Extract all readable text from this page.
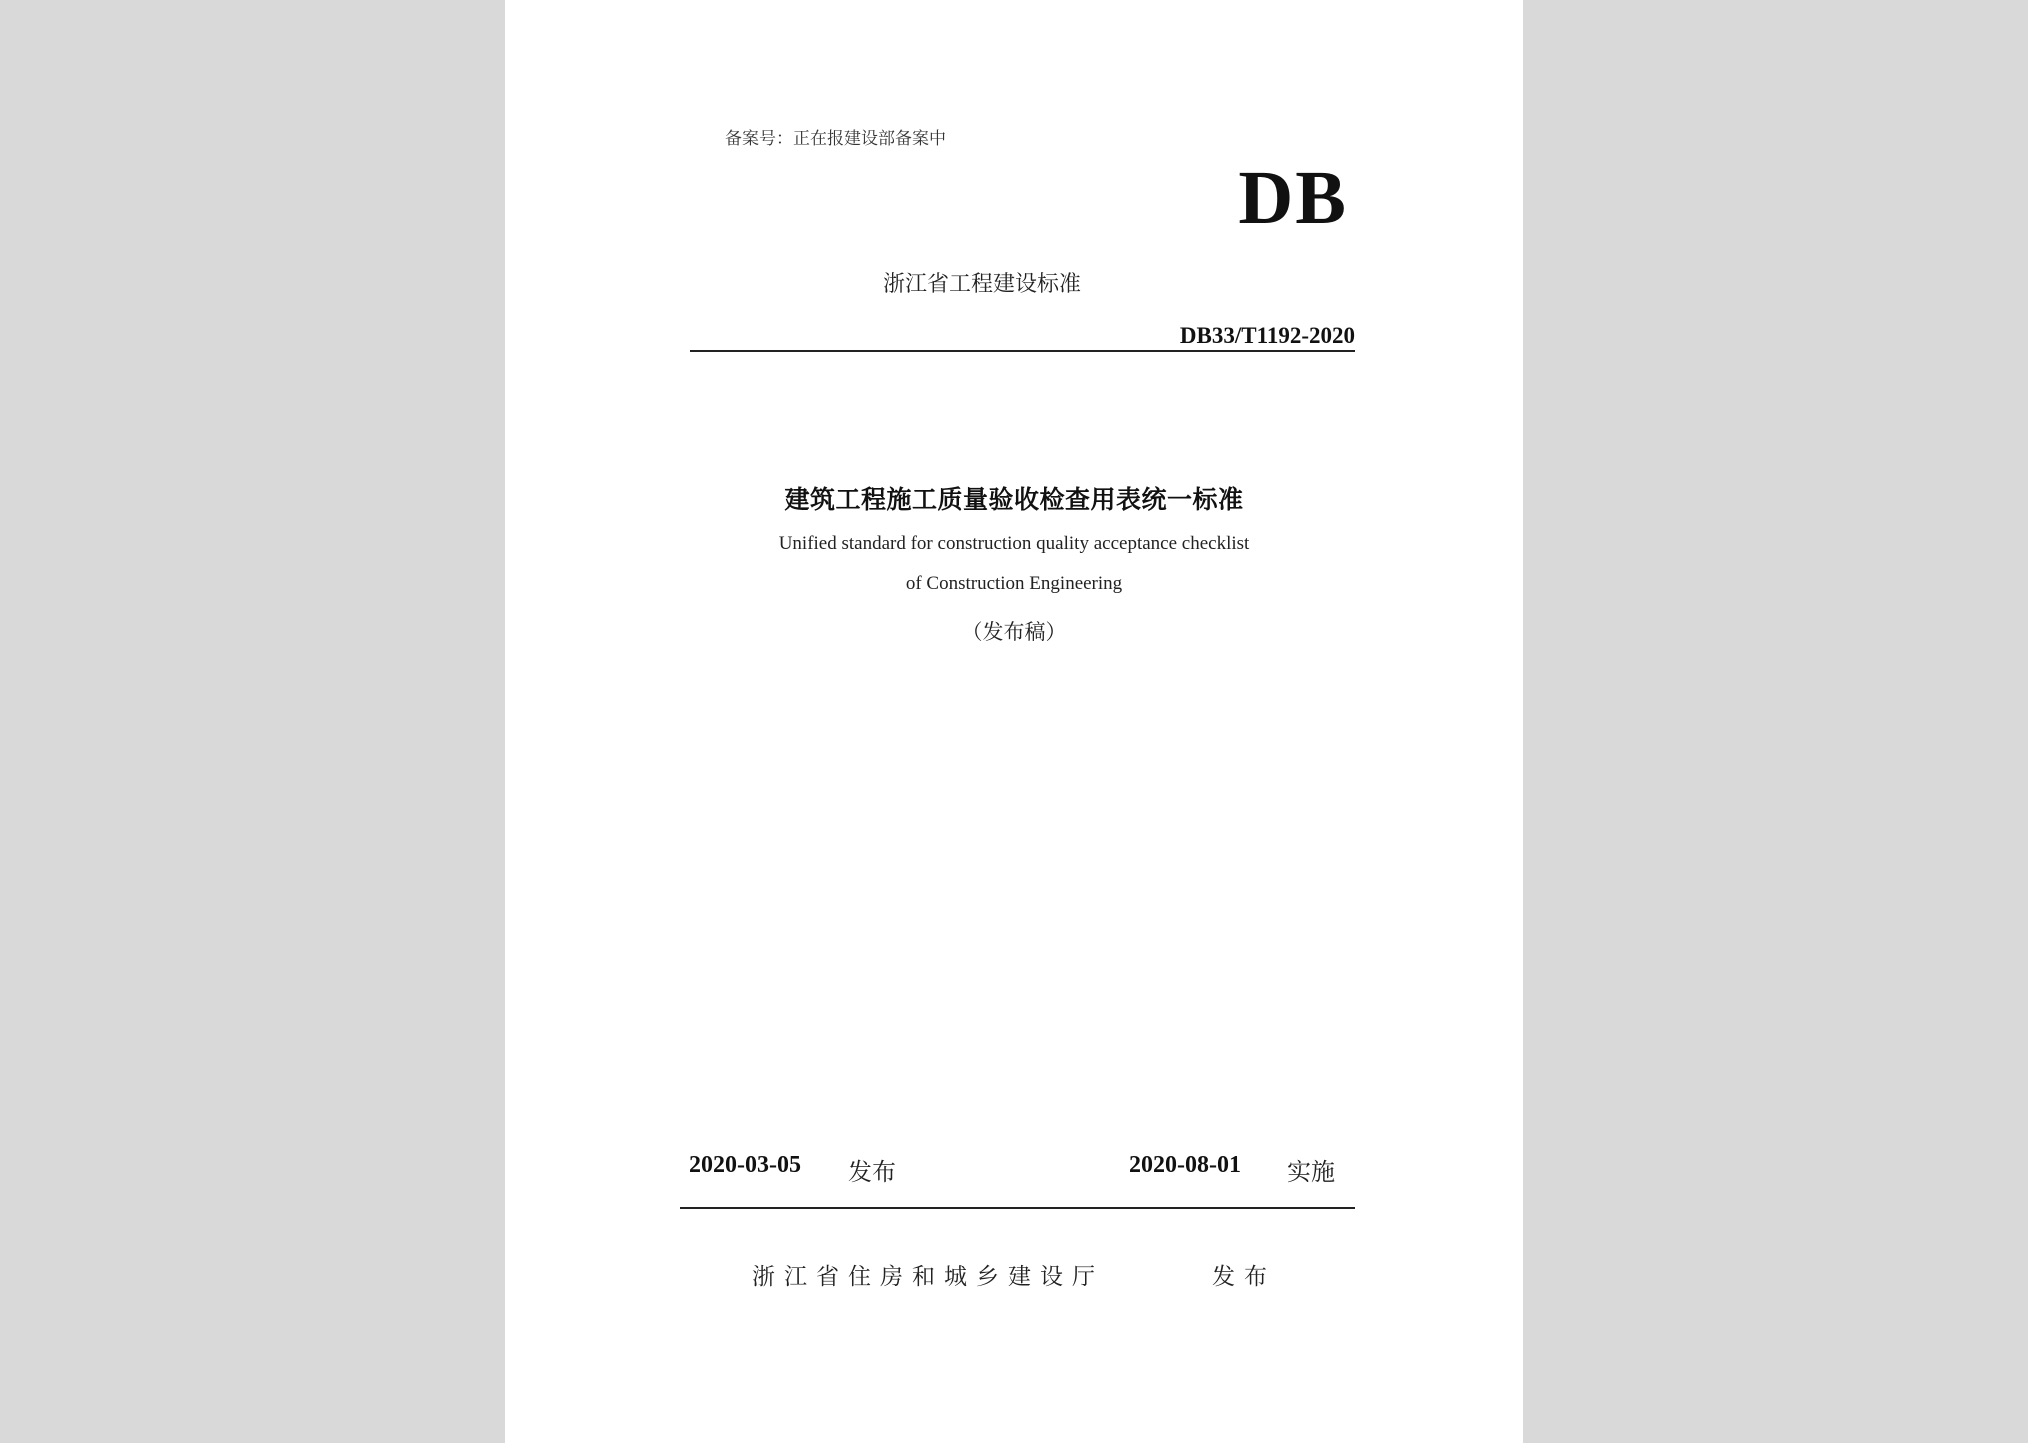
备案号：正在报建设部备案中
DB
浙江省工程建设标准
DB33/T1192-2020
建筑工程施工质量验收检查用表统一标准
Unified standard for construction quality acceptance checklist
of Construction Engineering
（发布稿）
2020-03-05 发布	2020-08-01 实施
浙江省住房和城乡建设厅	发布
